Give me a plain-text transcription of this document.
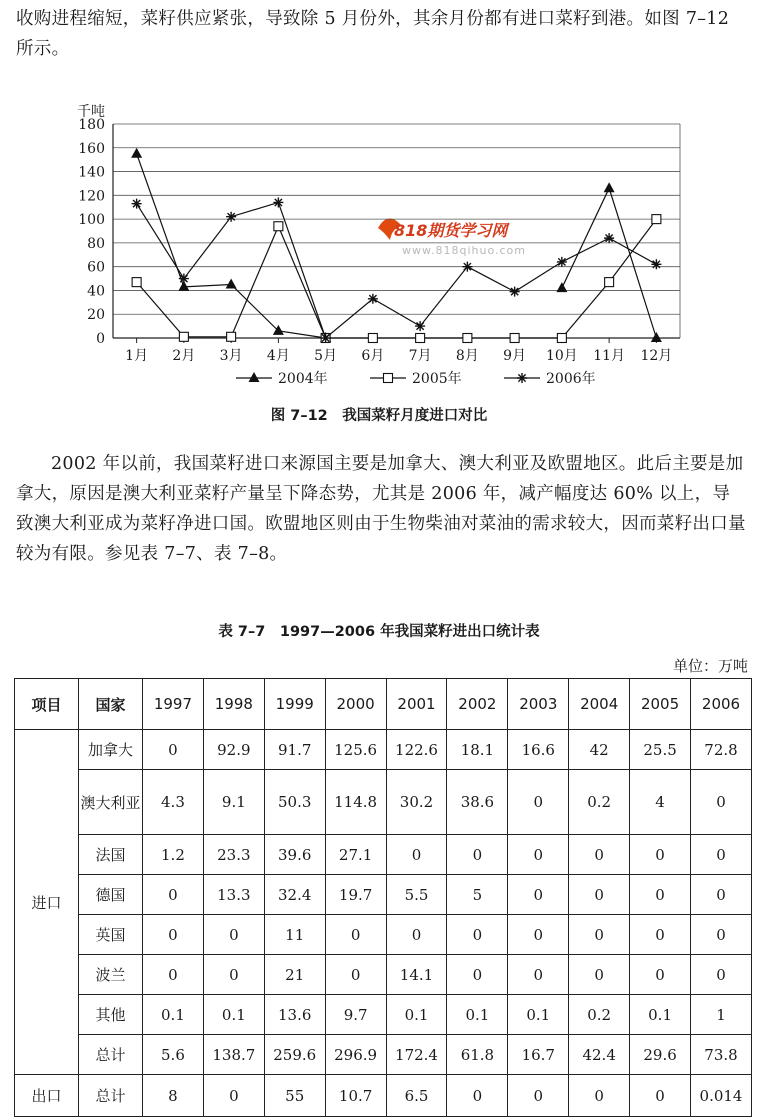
收购进程缩短，菜籽供应紧张，导致除 5 月份外，其余月份都有进口菜籽到港。如图 7–12 所示。

818期货学习网
www.818qihuo.com
0
20
40
60
80
100
120
140
160
180
千吨
1月 2月 3月 4月 5月 6月 7月 8月 9月 10月 11月 12月
2004年	2005年	2006年
图 7–12　我国菜籽月度进口对比

2002 年以前，我国菜籽进口来源国主要是加拿大、澳大利亚及欧盟地区。此后主要是加拿大，原因是澳大利亚菜籽产量呈下降态势，尤其是 2006 年，减产幅度达 60% 以上，导致澳大利亚成为菜籽净进口国。欧盟地区则由于生物柴油对菜油的需求较大，因而菜籽出口量较为有限。参见表 7–7、表 7–8。

表 7–7　1997—2006 年我国菜籽进出口统计表
单位：万吨
项目	国家	1997	1998	1999	2000	2001	2002	2003	2004	2005	2006
进口	加拿大	0	92.9	91.7	125.6	122.6	18.1	16.6	42	25.5	72.8
	澳大利亚	4.3	9.1	50.3	114.8	30.2	38.6	0	0.2	4	0
	法国	1.2	23.3	39.6	27.1	0	0	0	0	0	0
	德国	0	13.3	32.4	19.7	5.5	5	0	0	0	0
	英国	0	0	11	0	0	0	0	0	0	0
	波兰	0	0	21	0	14.1	0	0	0	0	0
	其他	0.1	0.1	13.6	9.7	0.1	0.1	0.1	0.2	0.1	1
	总计	5.6	138.7	259.6	296.9	172.4	61.8	16.7	42.4	29.6	73.8
出口	总计	8	0	55	10.7	6.5	0	0	0	0	0.014
